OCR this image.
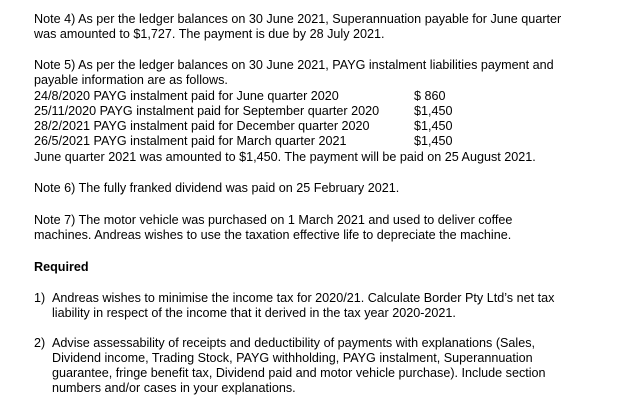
Note 4) As per the ledger balances on 30 June 2021, Superannuation payable for June quarter
was amounted to $1,727. The payment is due by 28 July 2021.
Note 5) As per the ledger balances on 30 June 2021, PAYG instalment liabilities payment and
payable information are as follows.
24/8/2020 PAYG instalment paid for June quarter 2020	$ 860
25/11/2020 PAYG instalment paid for September quarter 2020	$1,450
28/2/2021 PAYG instalment paid for December quarter 2020	$1,450
26/5/2021 PAYG instalment paid for March quarter 2021	$1,450
June quarter 2021 was amounted to $1,450. The payment will be paid on 25 August 2021.
Note 6) The fully franked dividend was paid on 25 February 2021.
Note 7) The motor vehicle was purchased on 1 March 2021 and used to deliver coffee
machines. Andreas wishes to use the taxation effective life to depreciate the machine.
Required
1) Andreas wishes to minimise the income tax for 2020/21. Calculate Border Pty Ltd’s net tax
liability in respect of the income that it derived in the tax year 2020-2021.
2) Advise assessability of receipts and deductibility of payments with explanations (Sales,
Dividend income, Trading Stock, PAYG withholding, PAYG instalment, Superannuation
guarantee, fringe benefit tax, Dividend paid and motor vehicle purchase). Include section
numbers and/or cases in your explanations.
